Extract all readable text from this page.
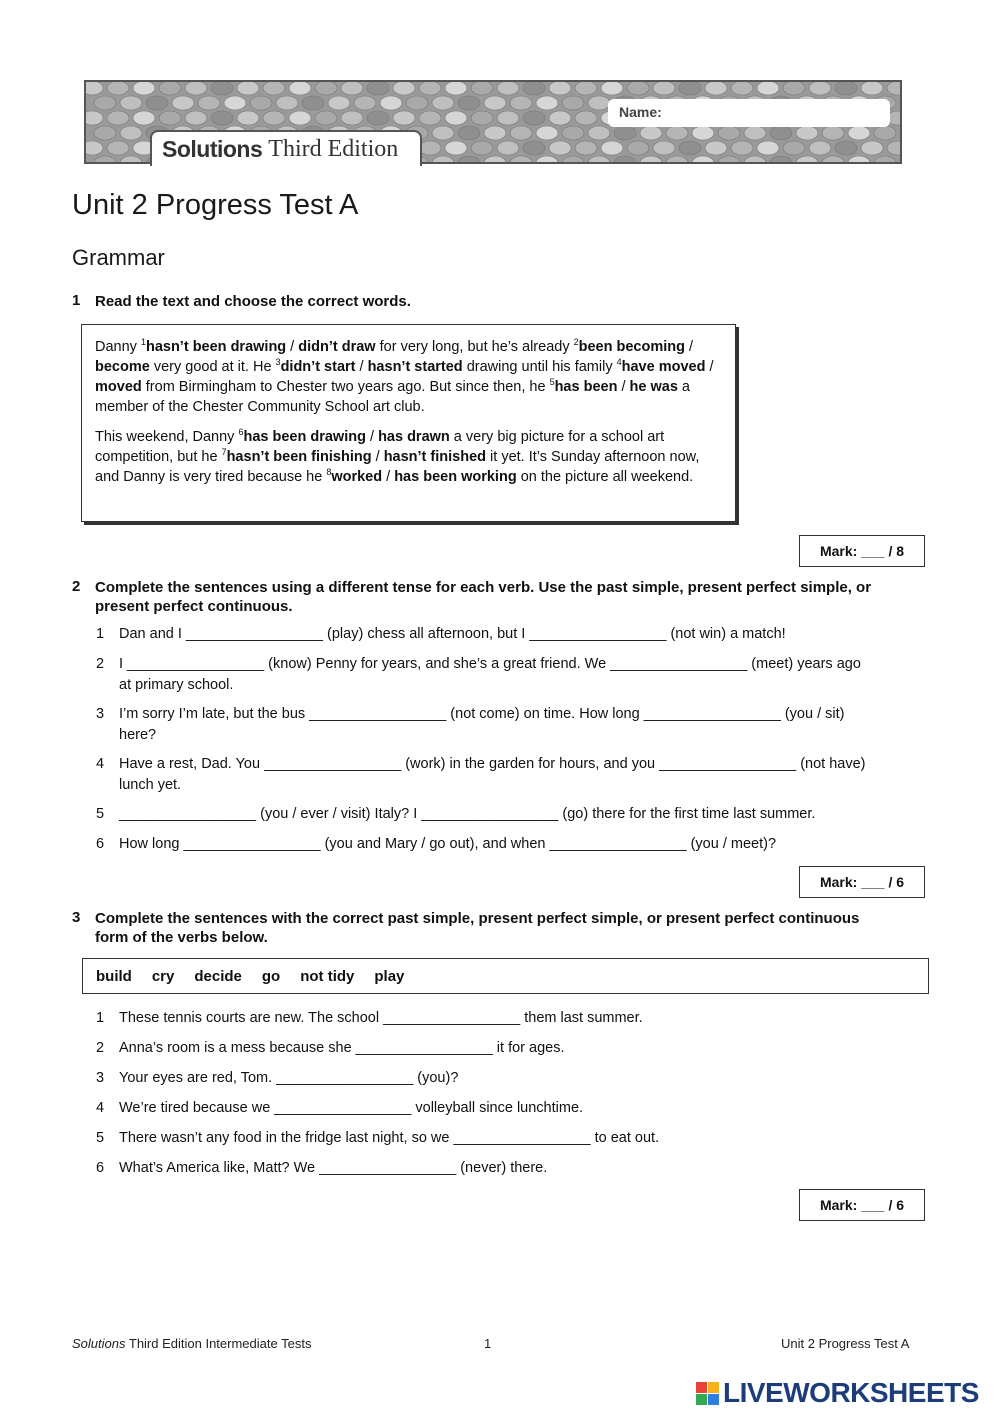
Solutions Third Edition
Name:
Unit 2 Progress Test A
Grammar
1 Read the text and choose the correct words.

Danny $^1$hasn’t been drawing / didn’t draw for very long, but he’s already $^2$been becoming / become very good at it. He $^3$didn’t start / hasn’t started drawing until his family $^4$have moved / moved from Birmingham to Chester two years ago. But since then, he $^5$has been / he was a member of the Chester Community School art club.

This weekend, Danny $^6$has been drawing / has drawn a very big picture for a school art competition, but he $^7$hasn’t been finishing / hasn’t finished it yet. It’s Sunday afternoon now, and Danny is very tired because he $^8$worked / has been working on the picture all weekend.

Mark: ___ / 8
2 Complete the sentences using a different tense for each verb. Use the past simple, present perfect simple, or present perfect continuous.
1 Dan and I _________________ (play) chess all afternoon, but I _________________ (not win) a match!
2 I _________________ (know) Penny for years, and she’s a great friend. We _________________ (meet) years ago
at primary school.
3 I’m sorry I’m late, but the bus _________________ (not come) on time. How long _________________ (you / sit)
here?
4 Have a rest, Dad. You _________________ (work) in the garden for hours, and you _________________ (not have)
lunch yet.
5 _________________ (you / ever / visit) Italy? I _________________ (go) there for the first time last summer.
6 How long _________________ (you and Mary / go out), and when _________________ (you / meet)?
Mark: ___ / 6
3 Complete the sentences with the correct past simple, present perfect simple, or present perfect continuous form of the verbs below.
build cry decide go not tidy play
1 These tennis courts are new. The school _________________ them last summer.
2 Anna’s room is a mess because she _________________ it for ages.
3 Your eyes are red, Tom. _________________ (you)?
4 We’re tired because we _________________ volleyball since lunchtime.
5 There wasn’t any food in the fridge last night, so we _________________ to eat out.
6 What’s America like, Matt? We _________________ (never) there.
Mark: ___ / 6
Solutions Third Edition Intermediate Tests	1	Unit 2 Progress Test A
LIVEWORKSHEETS
